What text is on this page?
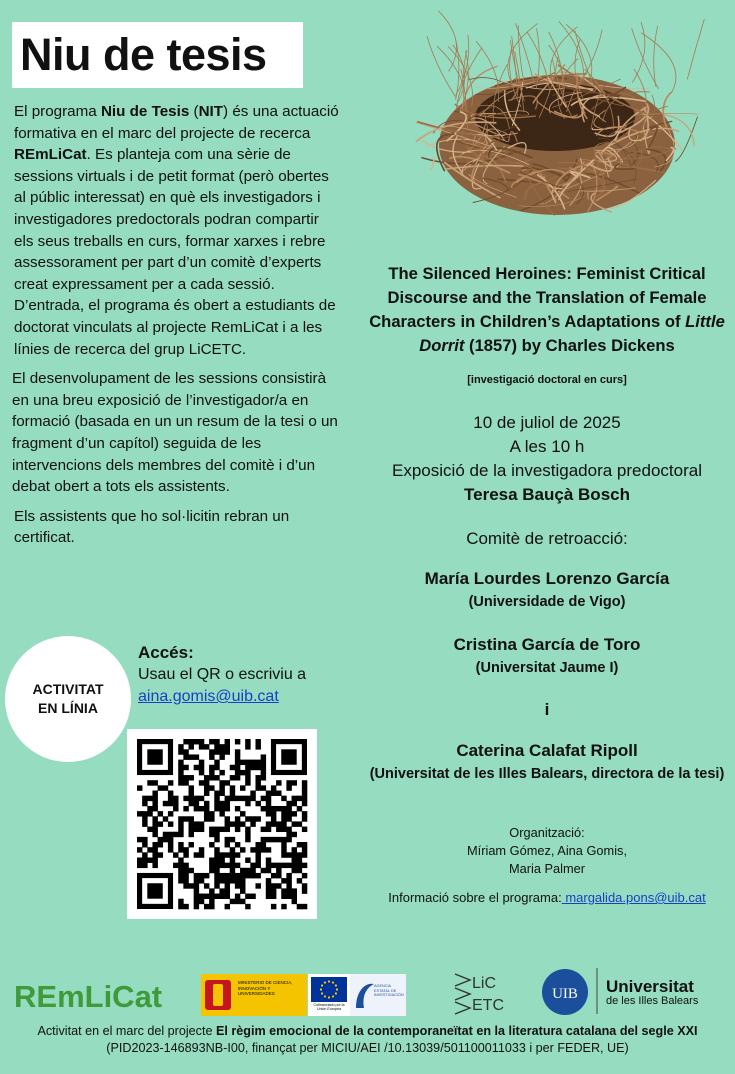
Niu de tesis

El programa Niu de Tesis (NIT) és una actuació formativa en el marc del projecte de recerca REmLiCat. Es planteja com una sèrie de sessions virtuals i de petit format (però obertes al públic interessat) en què els investigadors i investigadores predoctorals podran compartir els seus treballs en curs, formar xarxes i rebre assessorament per part d’un comitè d’experts creat expressament per a cada sessió. D’entrada, el programa és obert a estudiants de doctorat vinculats al projecte RemLiCat i a les línies de recerca del grup LiCETC.

El desenvolupament de les sessions consistirà en una breu exposició de l’investigador/a en formació (basada en un un resum de la tesi o un fragment d’un capítol) seguida de les intervencions dels membres del comitè i d’un debat obert a tots els assistents.

Els assistents que ho sol·licitin rebran un certificat.

The Silenced Heroines: Feminist Critical Discourse and the Translation of Female Characters in Children’s Adaptations of Little Dorrit (1857) by Charles Dickens
[investigació doctoral en curs]
10 de juliol de 2025
A les 10 h
Exposició de la investigadora predoctoral
Teresa Bauçà Bosch
Comitè de retroacció:
María Lourdes Lorenzo García
(Universidade de Vigo)
Cristina García de Toro
(Universitat Jaume I)
i
Caterina Calafat Ripoll
(Universitat de les Illes Balears, directora de la tesi)
Organització:
Míriam Gómez, Aina Gomis,
Maria Palmer
Informació sobre el programa: margalida.pons@uib.cat
ACTIVITAT
EN LÍNIA
Accés:
Usau el QR o escriviu a
aina.gomis@uib.cat
REmLiCat	MINISTERIO DE CIENCIA, INNOVACIÓN Y UNIVERSIDADES
Cofinanciado por la Unión Europea
AGENCIA ESTATAL DE INVESTIGACIÓN
LiC
ETC
UIB Universitat
de les Illes Balears
Activitat en el marc del projecte El règim emocional de la contemporaneïtat en la literatura catalana del segle XXI
(PID2023-146893NB-I00, finançat per MICIU/AEI /10.13039/501100011033 i per FEDER, UE)
